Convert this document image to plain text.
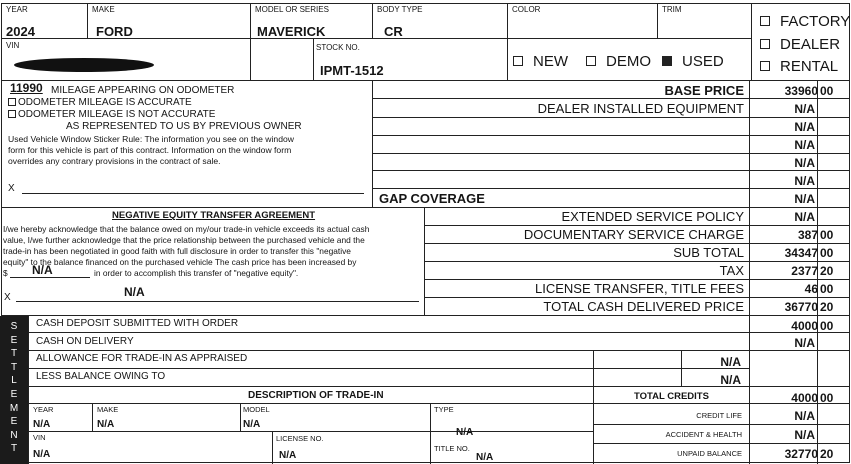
YEAR
2024
MAKE
FORD
MODEL OR SERIES
MAVERICK
BODY TYPE
CR
COLOR	TRIM
VIN	STOCK NO.
IPMT-1512
NEW	DEMO	USED
FACTORY
DEALER
RENTAL
11990 MILEAGE APPEARING ON ODOMETER
ODOMETER MILEAGE IS ACCURATE
ODOMETER MILEAGE IS NOT ACCURATE
AS REPRESENTED TO US BY PREVIOUS OWNER
Used Vehicle Window Sticker Rule: The information you see on the window
form for this vehicle is part of this contract. Information on the window form
overrides any contrary provisions in the contract of sale.
X
BASE PRICE	33960 00
DEALER INSTALLED EQUIPMENT	N/A
N/A
N/A
N/A
N/A
GAP COVERAGE	N/A
EXTENDED SERVICE POLICY	N/A
DOCUMENTARY SERVICE CHARGE	387 00
SUB TOTAL	34347 00
TAX	2377 20
LICENSE TRANSFER, TITLE FEES	46 00
TOTAL CASH DELIVERED PRICE	36770 20
NEGATIVE EQUITY TRANSFER AGREEMENT
I/we hereby acknowledge that the balance owed on my/our trade-in vehicle exceeds its actual cash
value, I/we further acknowledge that the price relationship between the purchased vehicle and the
trade-in has been negotiated in good faith with full disclosure in order to transfer this "negative
equity" to the balance financed on the purchased vehicle The cash price has been increased by
$ N/A	in order to accomplish this transfer of "negative equity".
X	N/A
S
E
T
T
L
E
M
E
N
T
CASH DEPOSIT SUBMITTED WITH ORDER	4000 00
CASH ON DELIVERY	N/A
ALLOWANCE FOR TRADE-IN AS APPRAISED	N/A
LESS BALANCE OWING TO	N/A
DESCRIPTION OF TRADE-IN
YEAR
N/A
MAKE
N/A
MODEL
N/A
TYPE
N/A
VIN
N/A
LICENSE NO.
N/A
TITLE NO.
N/A
TOTAL CREDITS	4000 00
CREDIT LIFE	N/A
ACCIDENT & HEALTH	N/A
UNPAID BALANCE	32770 20
